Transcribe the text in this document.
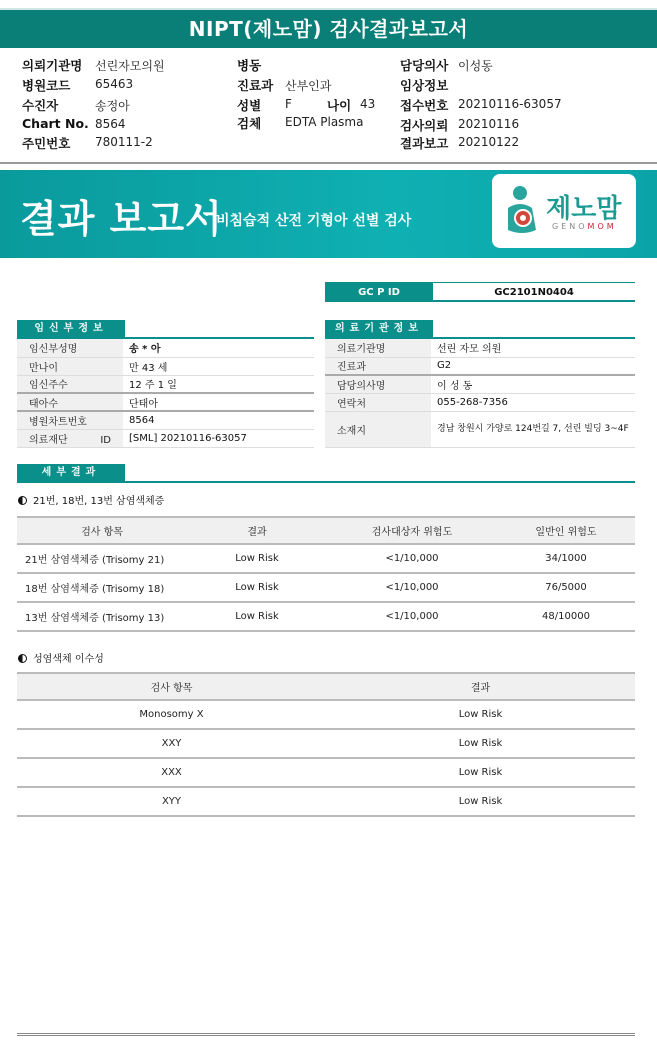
NIPT(제노맘) 검사결과보고서
의뢰기관명 선린자모의원
병원코드 65463
수진자	송정아
Chart No. 8564
주민번호 780111-2
병동
진료과 산부인과
성별 F	나이 43
검체 EDTA Plasma
담당의사 이성동
임상정보
접수번호 20210116-63057
검사의뢰 20210116
결과보고 20210122
결과 보고서
비침습적 산전 기형아 선별 검사	제노맘
GENOMOM
GC P ID	GC2101N0404
임신부정보
임신부성명	송 * 아
만나이	만 43 세
임신주수	12 주 1 일
태아수	단태아
병원차트번호	8564
의료재단 ID	[SML] 20210116-63057
의료기관정보
의료기관명	선린 자모 의원
진료과	G2
담당의사명	이 성 동
연락처	055-268-7356
소재지	경남 창원시 가양로 124번길 7, 선린 빌딩 3~4F
세부결과
21번, 18번, 13번 삼염색체증
검사 항목	결과	검사대상자 위험도	일반인 위험도
21번 삼염색체증 (Trisomy 21)	Low Risk	<1/10,000	34/1000
18번 삼염색체증 (Trisomy 18)	Low Risk	<1/10,000	76/5000
13번 삼염색체증 (Trisomy 13)	Low Risk	<1/10,000	48/10000
성염색체 이수성
검사 항목	결과
Monosomy X	Low Risk
XXY	Low Risk
XXX	Low Risk
XYY	Low Risk
